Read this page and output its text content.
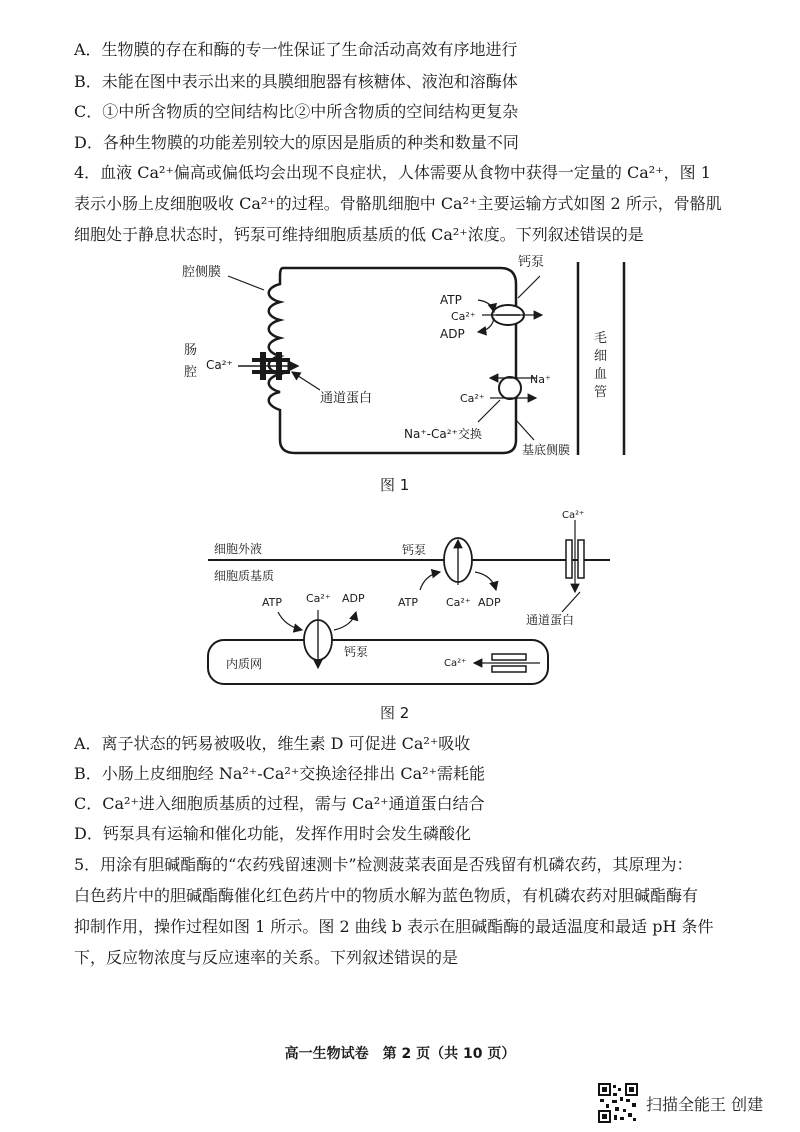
A．生物膜的存在和酶的专一性保证了生命活动高效有序地进行
B．未能在图中表示出来的具膜细胞器有核糖体、液泡和溶酶体
C．①中所含物质的空间结构比②中所含物质的空间结构更复杂
D．各种生物膜的功能差别较大的原因是脂质的种类和数量不同
4．血液 Ca²⁺偏高或偏低均会出现不良症状，人体需要从食物中获得一定量的 Ca²⁺，图 1
表示小肠上皮细胞吸收 Ca²⁺的过程。骨骼肌细胞中 Ca²⁺主要运输方式如图 2 所示，骨骼肌
细胞处于静息状态时，钙泵可维持细胞质基质的低 Ca²⁺浓度。下列叙述错误的是
腔侧膜
肠
腔 Ca²⁺
通道蛋白
钙泵
ATP
Ca²⁺
ADP
Na⁺
Ca²⁺
Na⁺-Ca²⁺交换
基底侧膜
毛
细
血
管
图 1
细胞外液
细胞质基质
钙泵
ATP	Ca²⁺ ADP
Ca²⁺
通道蛋白
ATP Ca²⁺ ADP
钙泵
内质网	Ca²⁺
图 2
A．离子状态的钙易被吸收，维生素 D 可促进 Ca²⁺吸收
B．小肠上皮细胞经 Na²⁺-Ca²⁺交换途径排出 Ca²⁺需耗能
C．Ca²⁺进入细胞质基质的过程，需与 Ca²⁺通道蛋白结合
D．钙泵具有运输和催化功能，发挥作用时会发生磷酸化
5．用涂有胆碱酯酶的“农药残留速测卡”检测菠菜表面是否残留有机磷农药，其原理为：
白色药片中的胆碱酯酶催化红色药片中的物质水解为蓝色物质，有机磷农药对胆碱酯酶有
抑制作用，操作过程如图 1 所示。图 2 曲线 b 表示在胆碱酯酶的最适温度和最适 pH 条件
下，反应物浓度与反应速率的关系。下列叙述错误的是
高一生物试卷　第 2 页（共 10 页）
扫描全能王 创建
